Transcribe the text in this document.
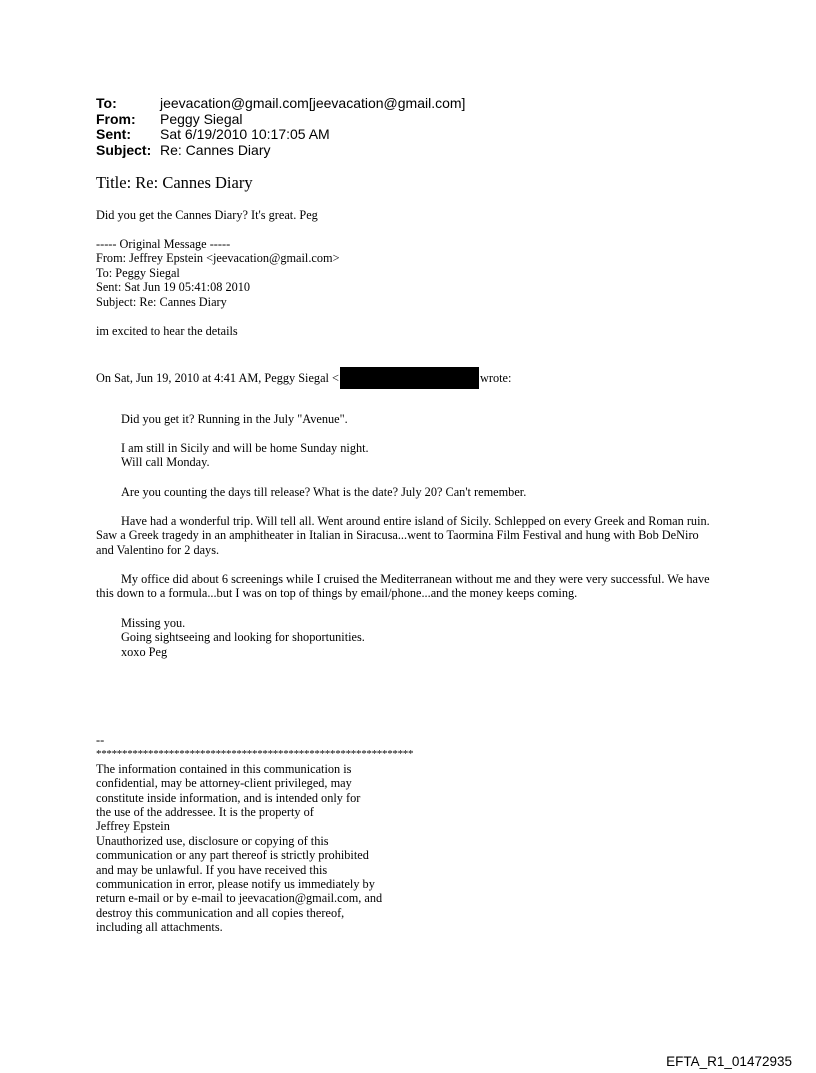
To:	jeevacation@gmail.com[jeevacation@gmail.com]
From:	Peggy Siegal
Sent:	Sat 6/19/2010 10:17:05 AM
Subject: Re: Cannes Diary
Title: Re: Cannes Diary
Did you get the Cannes Diary? It's great. Peg
----- Original Message -----
From: Jeffrey Epstein <jeevacation@gmail.com>
To: Peggy Siegal
Sent: Sat Jun 19 05:41:08 2010
Subject: Re: Cannes Diary
im excited to hear the details
On Sat, Jun 19, 2010 at 4:41 AM, Peggy Siegal <	wrote:
Did you get it? Running in the July "Avenue".
I am still in Sicily and will be home Sunday night.
Will call Monday.
Are you counting the days till release? What is the date? July 20? Can't remember.
Have had a wonderful trip. Will tell all. Went around entire island of Sicily. Schlepped on every Greek and Roman ruin. Saw a Greek tragedy in an amphitheater in Italian in Siracusa...went to Taormina Film Festival and hung with Bob DeNiro and Valentino for 2 days.
My office did about 6 screenings while I cruised the Mediterranean without me and they were very successful. We have this down to a formula...but I was on top of things by email/phone...and the money keeps coming.
Missing you.
Going sightseeing and looking for shoportunities.
xoxo Peg
--
*************************************************************
The information contained in this communication is
confidential, may be attorney-client privileged, may
constitute inside information, and is intended only for
the use of the addressee. It is the property of
Jeffrey Epstein
Unauthorized use, disclosure or copying of this
communication or any part thereof is strictly prohibited
and may be unlawful. If you have received this
communication in error, please notify us immediately by
return e-mail or by e-mail to jeevacation@gmail.com, and
destroy this communication and all copies thereof,
including all attachments.
EFTA_R1_01472935
